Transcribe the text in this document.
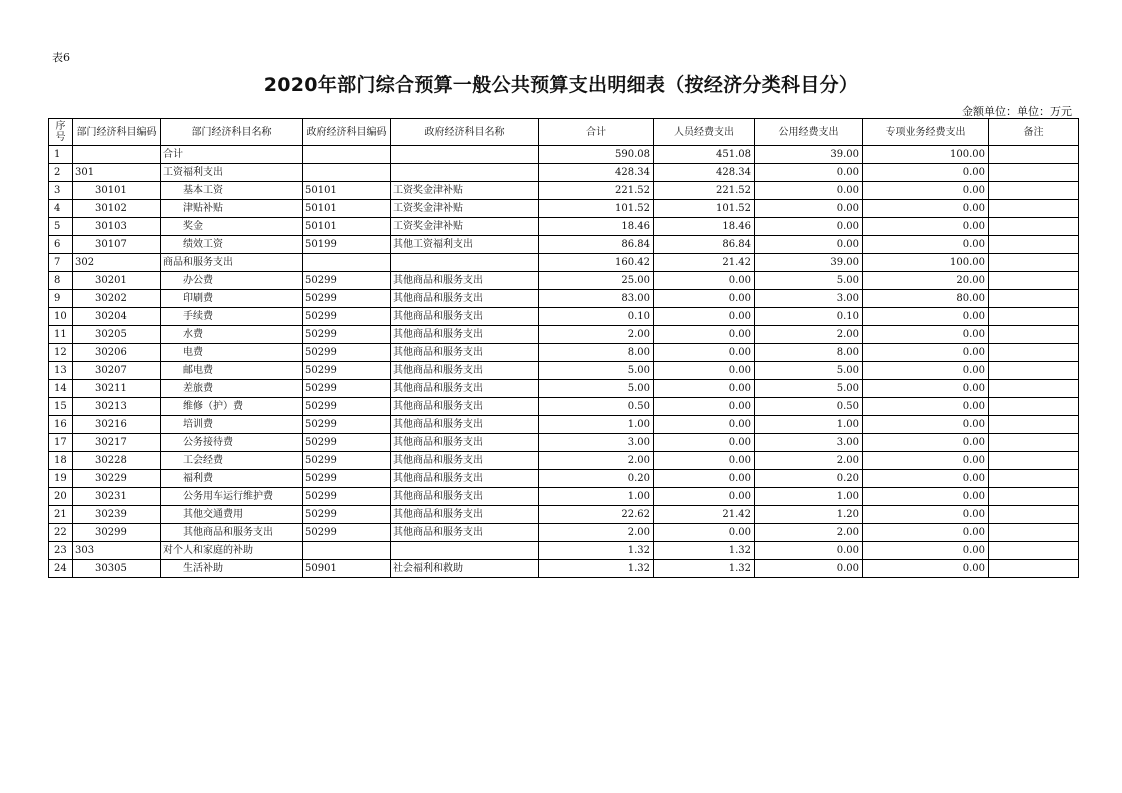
表6
2020年部门综合预算一般公共预算支出明细表（按经济分类科目分）
金额单位：单位：万元
序号	部门经济科目编码	部门经济科目名称	政府经济科目编码	政府经济科目名称	合计	人员经费支出	公用经费支出	专项业务经费支出	备注
1		合计			590.08	451.08	39.00	100.00	
2	301	工资福利支出			428.34	428.34	0.00	0.00	
3	30101	基本工资	50101	工资奖金津补贴	221.52	221.52	0.00	0.00	
4	30102	津贴补贴	50101	工资奖金津补贴	101.52	101.52	0.00	0.00	
5	30103	奖金	50101	工资奖金津补贴	18.46	18.46	0.00	0.00	
6	30107	绩效工资	50199	其他工资福利支出	86.84	86.84	0.00	0.00	
7	302	商品和服务支出			160.42	21.42	39.00	100.00	
8	30201	办公费	50299	其他商品和服务支出	25.00	0.00	5.00	20.00	
9	30202	印刷费	50299	其他商品和服务支出	83.00	0.00	3.00	80.00	
10	30204	手续费	50299	其他商品和服务支出	0.10	0.00	0.10	0.00	
11	30205	水费	50299	其他商品和服务支出	2.00	0.00	2.00	0.00	
12	30206	电费	50299	其他商品和服务支出	8.00	0.00	8.00	0.00	
13	30207	邮电费	50299	其他商品和服务支出	5.00	0.00	5.00	0.00	
14	30211	差旅费	50299	其他商品和服务支出	5.00	0.00	5.00	0.00	
15	30213	维修（护）费	50299	其他商品和服务支出	0.50	0.00	0.50	0.00	
16	30216	培训费	50299	其他商品和服务支出	1.00	0.00	1.00	0.00	
17	30217	公务接待费	50299	其他商品和服务支出	3.00	0.00	3.00	0.00	
18	30228	工会经费	50299	其他商品和服务支出	2.00	0.00	2.00	0.00	
19	30229	福利费	50299	其他商品和服务支出	0.20	0.00	0.20	0.00	
20	30231	公务用车运行维护费	50299	其他商品和服务支出	1.00	0.00	1.00	0.00	
21	30239	其他交通费用	50299	其他商品和服务支出	22.62	21.42	1.20	0.00	
22	30299	其他商品和服务支出	50299	其他商品和服务支出	2.00	0.00	2.00	0.00	
23	303	对个人和家庭的补助			1.32	1.32	0.00	0.00	
24	30305	生活补助	50901	社会福利和救助	1.32	1.32	0.00	0.00	
